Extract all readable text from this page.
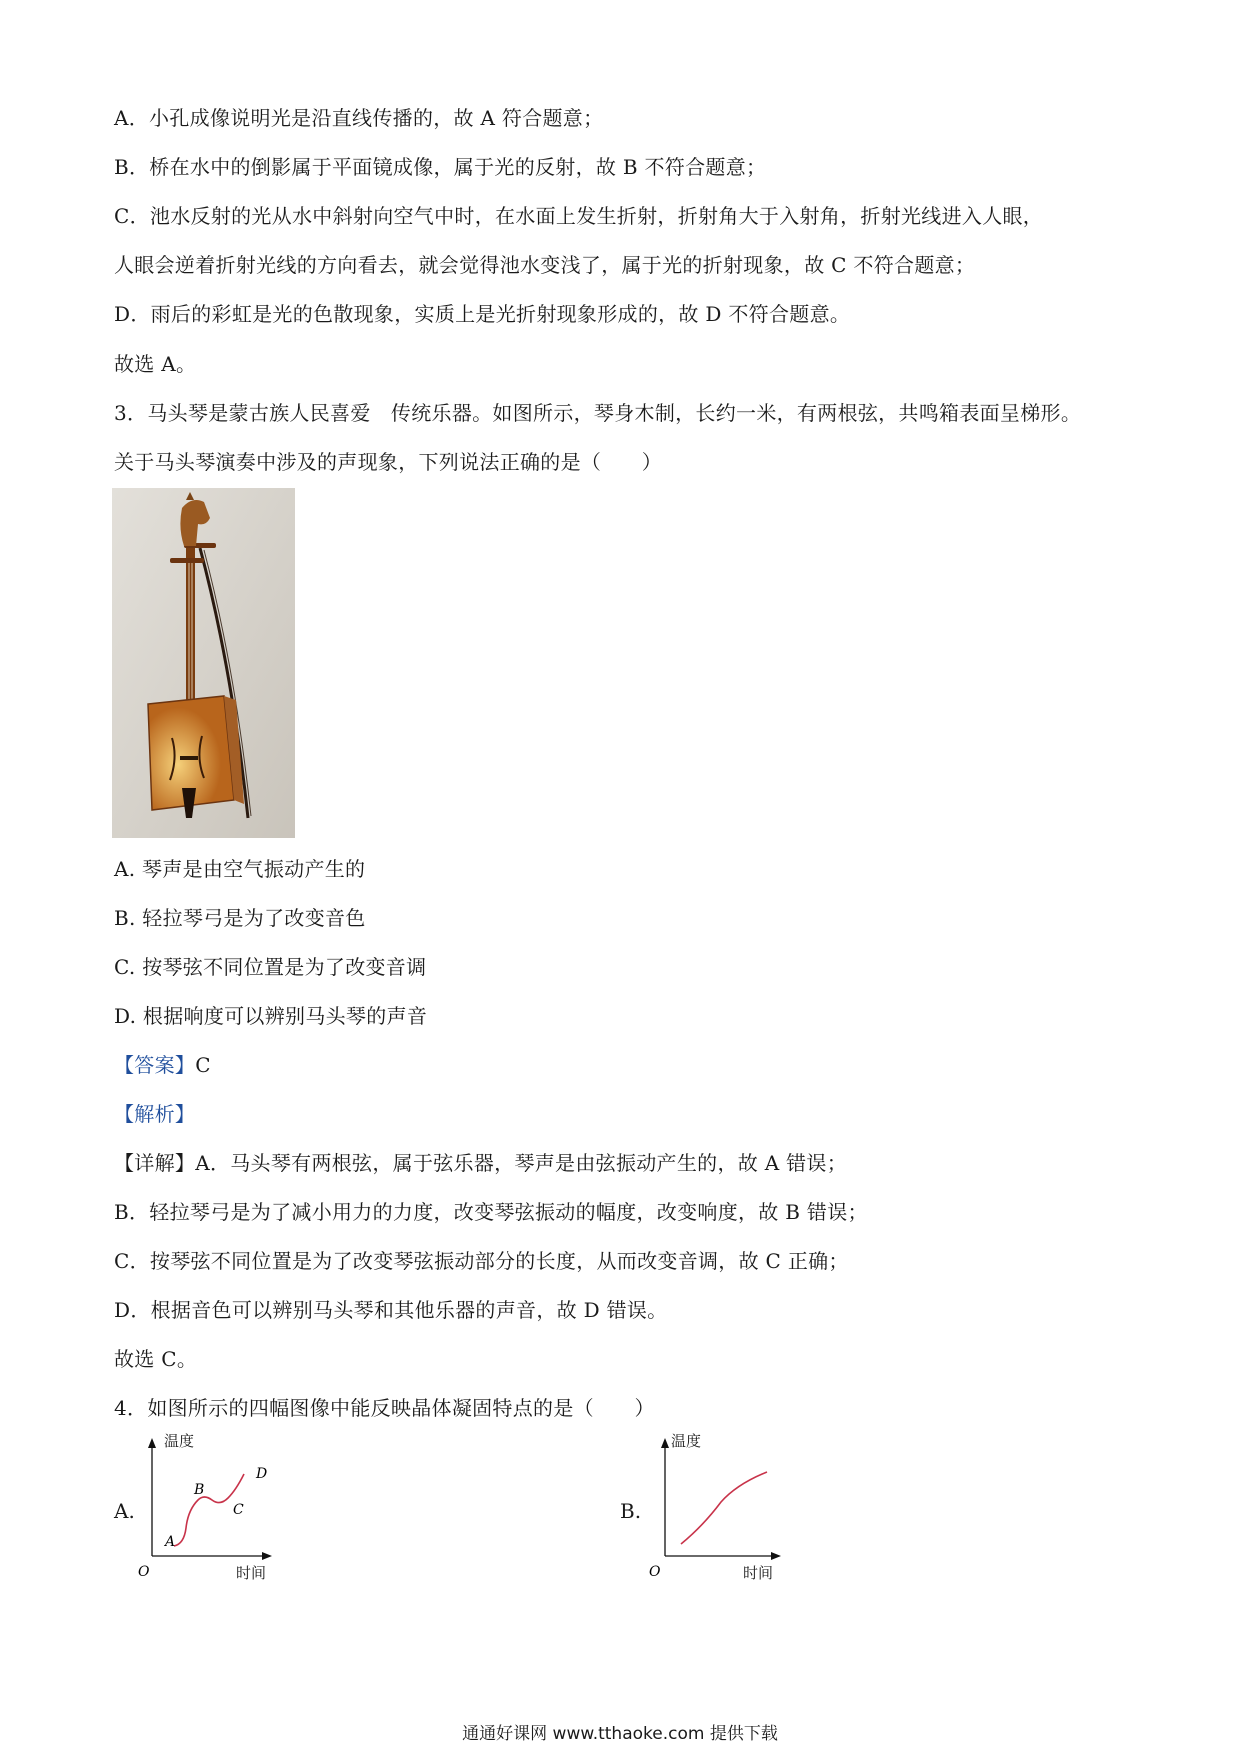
A．小孔成像说明光是沿直线传播的，故 A 符合题意；
B．桥在水中的倒影属于平面镜成像，属于光的反射，故 B 不符合题意；
C．池水反射的光从水中斜射向空气中时，在水面上发生折射，折射角大于入射角，折射光线进入人眼，
人眼会逆着折射光线的方向看去，就会觉得池水变浅了，属于光的折射现象，故 C 不符合题意；
D．雨后的彩虹是光的色散现象，实质上是光折射现象形成的，故 D 不符合题意。
故选 A。
3．马头琴是蒙古族人民喜爱　传统乐器。如图所示，琴身木制，长约一米，有两根弦，共鸣箱表面呈梯形。
关于马头琴演奏中涉及的声现象，下列说法正确的是（　　）
A. 琴声是由空气振动产生的
B. 轻拉琴弓是为了改变音色
C. 按琴弦不同位置是为了改变音调
D. 根据响度可以辨别马头琴的声音
【答案】C
【解析】
【详解】A．马头琴有两根弦，属于弦乐器，琴声是由弦振动产生的，故 A 错误；
B．轻拉琴弓是为了减小用力的力度，改变琴弦振动的幅度，改变响度，故 B 错误；
C．按琴弦不同位置是为了改变琴弦振动部分的长度，从而改变音调，故 C 正确；
D．根据音色可以辨别马头琴和其他乐器的声音，故 D 错误。
故选 C。
4．如图所示的四幅图像中能反映晶体凝固特点的是（　　）
A.
A
B
C
D
O
温度
时间
B.
O
温度
时间
通通好课网 www.tthaoke.com 提供下载
